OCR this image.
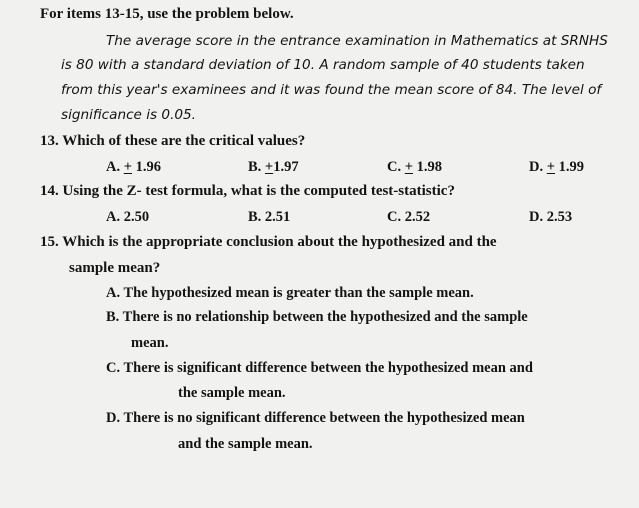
For items 13-15, use the problem below.
The average score in the entrance examination in Mathematics at SRNHS
is 80 with a standard deviation of 10. A random sample of 40 students taken
from this year's examinees and it was found the mean score of 84. The level of
significance is 0.05.
13. Which of these are the critical values?
A. + 1.96	B. +1.97	C. + 1.98	D. + 1.99
14. Using the Z- test formula, what is the computed test-statistic?
A. 2.50	B. 2.51	C. 2.52	D. 2.53
15. Which is the appropriate conclusion about the hypothesized and the
sample mean?
A. The hypothesized mean is greater than the sample mean.
B. There is no relationship between the hypothesized and the sample
mean.
C. There is significant difference between the hypothesized mean and
the sample mean.
D. There is no significant difference between the hypothesized mean
and the sample mean.
